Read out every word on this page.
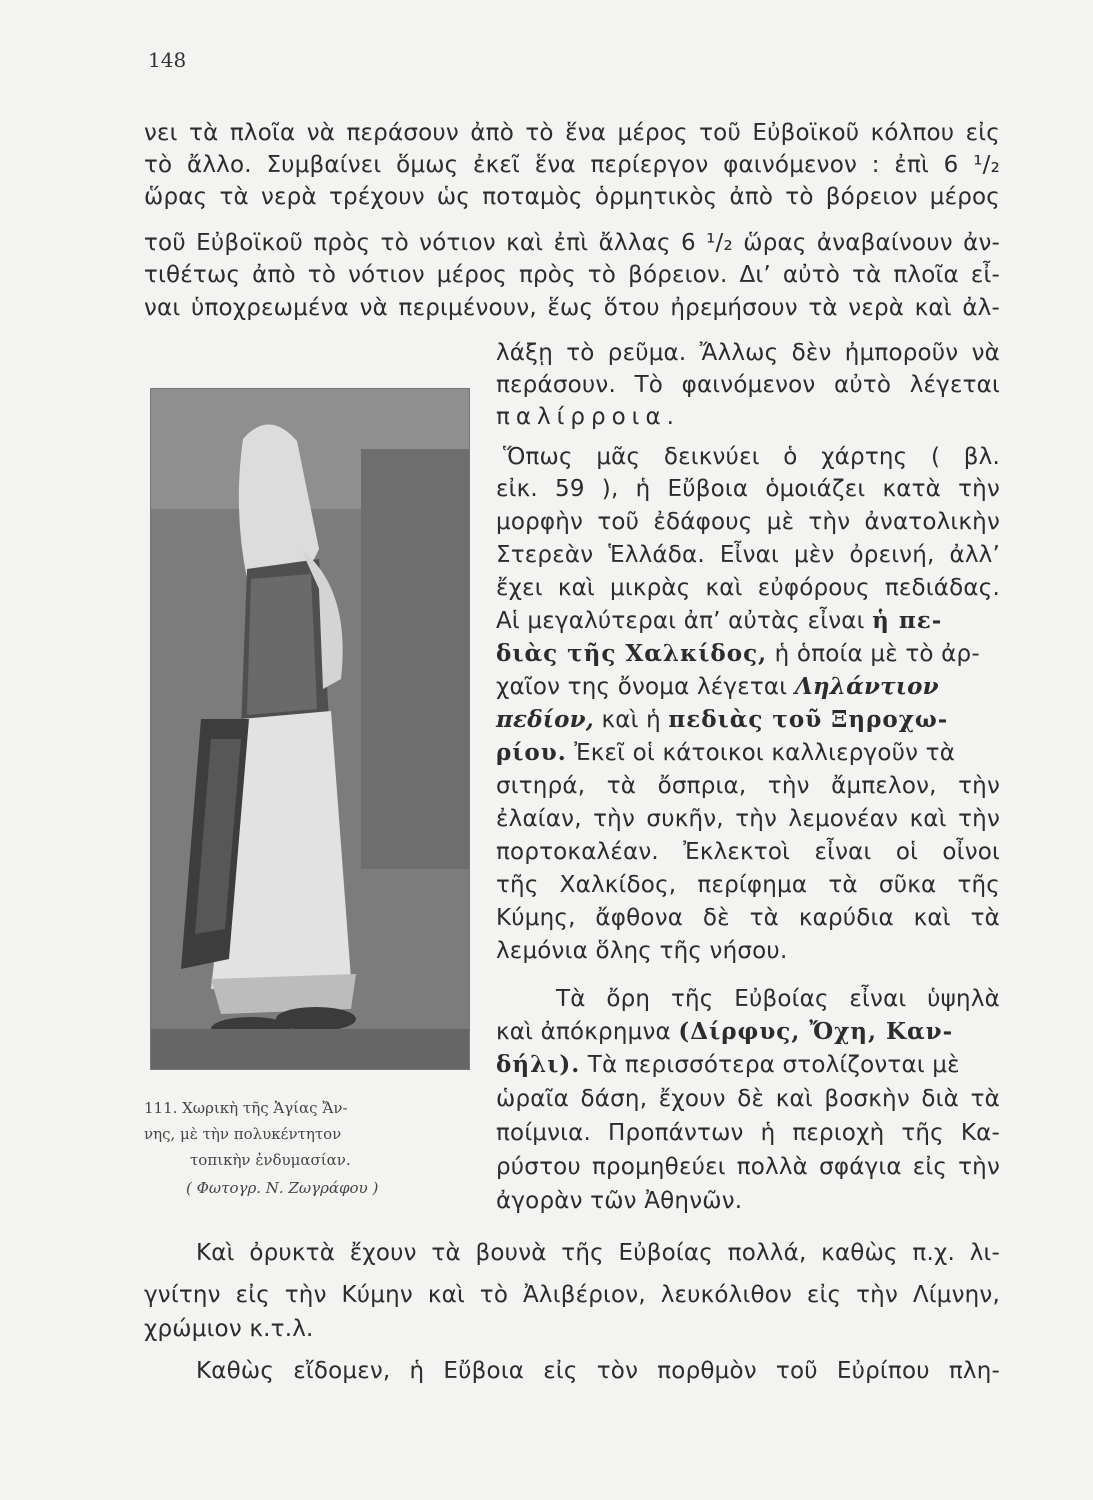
148
νει τὰ πλοῖα νὰ περάσουν ἀπὸ τὸ ἕνα μέρος τοῦ Εὐβοϊκοῦ κόλπου εἰς
τὸ ἄλλο. Συμβαίνει ὅμως ἐκεῖ ἕνα περίεργον φαινόμενον : ἐπὶ 6 ¹/₂
ὥρας τὰ νερὰ τρέχουν ὡς ποταμὸς ὁρμητικὸς ἀπὸ τὸ βόρειον μέρος
τοῦ Εὐβοϊκοῦ πρὸς τὸ νότιον καὶ ἐπὶ ἄλλας 6 ¹/₂ ὥρας ἀναβαίνουν ἀν-
τιθέτως ἀπὸ τὸ νότιον μέρος πρὸς τὸ βόρειον. Δι’ αὐτὸ τὰ πλοῖα εἶ-
ναι ὑποχρεωμένα νὰ περιμένουν, ἕως ὅτου ἠρεμήσουν τὰ νερὰ καὶ ἀλ-
λάξῃ τὸ ρεῦμα. Ἄλλως δὲν ἠμποροῦν νὰ
περάσουν. Τὸ φαινόμενον αὐτὸ λέγεται
παλίρροια.
Ὅπως μᾶς δεικνύει ὁ χάρτης ( βλ.
εἰκ. 59 ), ἡ Εὔβοια ὁμοιάζει κατὰ τὴν
μορφὴν τοῦ ἐδάφους μὲ τὴν ἀνατολικὴν
Στερεὰν Ἑλλάδα. Εἶναι μὲν ὀρεινή, ἀλλ’
ἔχει καὶ μικρὰς καὶ εὐφόρους πεδιάδας.
Αἱ μεγαλύτεραι ἀπ’ αὐτὰς εἶναι ἡ πε-
διὰς τῆς Χαλκίδος, ἡ ὁποία μὲ τὸ ἀρ-
χαῖον της ὄνομα λέγεται Ληλάντιον
πεδίον, καὶ ἡ πεδιὰς τοῦ Ξηροχω-
ρίου. Ἐκεῖ οἱ κάτοικοι καλλιεργοῦν τὰ
σιτηρά, τὰ ὄσπρια, τὴν ἄμπελον, τὴν
ἐλαίαν, τὴν συκῆν, τὴν λεμονέαν καὶ τὴν
πορτοκαλέαν. Ἐκλεκτοὶ εἶναι οἱ οἶνοι
τῆς Χαλκίδος, περίφημα τὰ σῦκα τῆς
Κύμης, ἄφθονα δὲ τὰ καρύδια καὶ τὰ
λεμόνια ὅλης τῆς νήσου.
Τὰ ὄρη τῆς Εὐβοίας εἶναι ὑψηλὰ
καὶ ἀπόκρημνα (Δίρφυς, Ὄχη, Καν-
δήλι). Τὰ περισσότερα στολίζονται μὲ
ὡραῖα δάση, ἔχουν δὲ καὶ βοσκὴν διὰ τὰ
ποίμνια. Προπάντων ἡ περιοχὴ τῆς Κα-
ρύστου προμηθεύει πολλὰ σφάγια εἰς τὴν
ἀγορὰν τῶν Ἀθηνῶν.
111. Χωρικὴ τῆς Ἁγίας Ἄν-
νης, μὲ τὴν πολυκέντητον
τοπικὴν ἐνδυμασίαν.
( Φωτογρ. Ν. Ζωγράφου )
Καὶ ὀρυκτὰ ἔχουν τὰ βουνὰ τῆς Εὐβοίας πολλά, καθὼς π.χ. λι-
γνίτην εἰς τὴν Κύμην καὶ τὸ Ἀλιβέριον, λευκόλιθον εἰς τὴν Λίμνην,
χρώμιον κ.τ.λ.
Καθὼς εἴδομεν, ἡ Εὔβοια εἰς τὸν πορθμὸν τοῦ Εὐρίπου πλη-
